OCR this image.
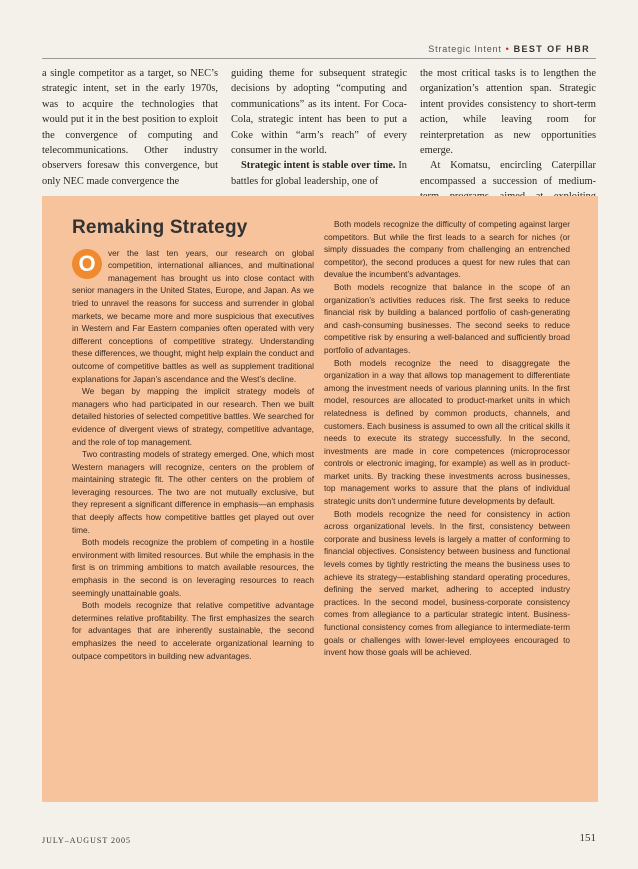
Strategic Intent • BEST OF HBR

a single competitor as a target, so NEC’s strategic intent, set in the early 1970s, was to acquire the technologies that would put it in the best position to exploit the convergence of computing and telecommunications. Other industry observers foresaw this convergence, but only NEC made convergence the

guiding theme for subsequent strategic decisions by adopting “computing and communications” as its intent. For Coca-Cola, strategic intent has been to put a Coke within “arm’s reach” of every consumer in the world.

Strategic intent is stable over time. In battles for global leadership, one of

the most critical tasks is to lengthen the organization’s attention span. Strategic intent provides consistency to short-term action, while leaving room for reinterpretation as new opportunities emerge.

At Komatsu, encircling Caterpillar encompassed a succession of medium-

Remaking Strategy

O	ver the last ten years, our research on global competition, international alliances, and multinational management has brought us into close contact with senior managers in the United States, Europe, and Japan. As we tried to unravel the reasons for success and surrender in global markets, we became more and more suspicious that executives in Western and Far Eastern companies often operated with very different conceptions of competitive strategy. Understanding these differences, we thought, might help explain the conduct and outcome of competitive battles as well as supplement traditional explanations for Japan’s ascendance and the West’s decline.

We began by mapping the implicit strategy models of managers who had participated in our research. Then we built detailed histories of selected competitive battles. We searched for evidence of divergent views of strategy, competitive advantage, and the role of top management.

Two contrasting models of strategy emerged. One, which most Western managers will recognize, centers on the problem of maintaining strategic fit. The other centers on the problem of leveraging resources. The two are not mutually exclusive, but they represent a significant difference in emphasis—an emphasis that deeply affects how competitive battles get played out over time.

Both models recognize the problem of competing in a hostile environment with limited resources. But while the emphasis in the first is on trimming ambitions to match available resources, the emphasis in the second is on leveraging resources to reach seemingly unattainable goals.

Both models recognize that relative competitive advantage determines relative profitability. The first emphasizes the search for advantages that are inherently sustainable, the second emphasizes the need to accelerate organizational learning to outpace competitors in building new advantages.

Both models recognize the difficulty of competing against larger competitors. But while the first leads to a search for niches (or simply dissuades the company from challenging an entrenched competitor), the second produces a quest for new rules that can devalue the incumbent’s advantages.

Both models recognize that balance in the scope of an organization’s activities reduces risk. The first seeks to reduce financial risk by building a balanced portfolio of cash-generating and cash-consuming businesses. The second seeks to reduce competitive risk by ensuring a well-balanced and sufficiently broad portfolio of advantages.

Both models recognize the need to disaggregate the organization in a way that allows top management to differentiate among the investment needs of various planning units. In the first model, resources are allocated to product-market units in which relatedness is defined by common products, channels, and customers. Each business is assumed to own all the critical skills it needs to execute its strategy successfully. In the second, investments are made in core competences (microprocessor controls or electronic imaging, for example) as well as in product-market units. By tracking these investments across businesses, top management works to assure that the plans of individual strategic units don’t undermine future developments by default.

Both models recognize the need for consistency in action across organizational levels. In the first, consistency between corporate and business levels is largely a matter of conforming to financial objectives. Consistency between business and functional levels comes by tightly restricting the means the business uses to achieve its strategy—establishing standard operating procedures, defining the served market, adhering to accepted industry practices. In the second model, business-corporate consistency comes from allegiance to a particular strategic intent. Business-functional consistency comes from allegiance to intermediate-term goals or challenges with lower-level employees encouraged to invent how those goals will be achieved.

JULY–AUGUST 2005	151
